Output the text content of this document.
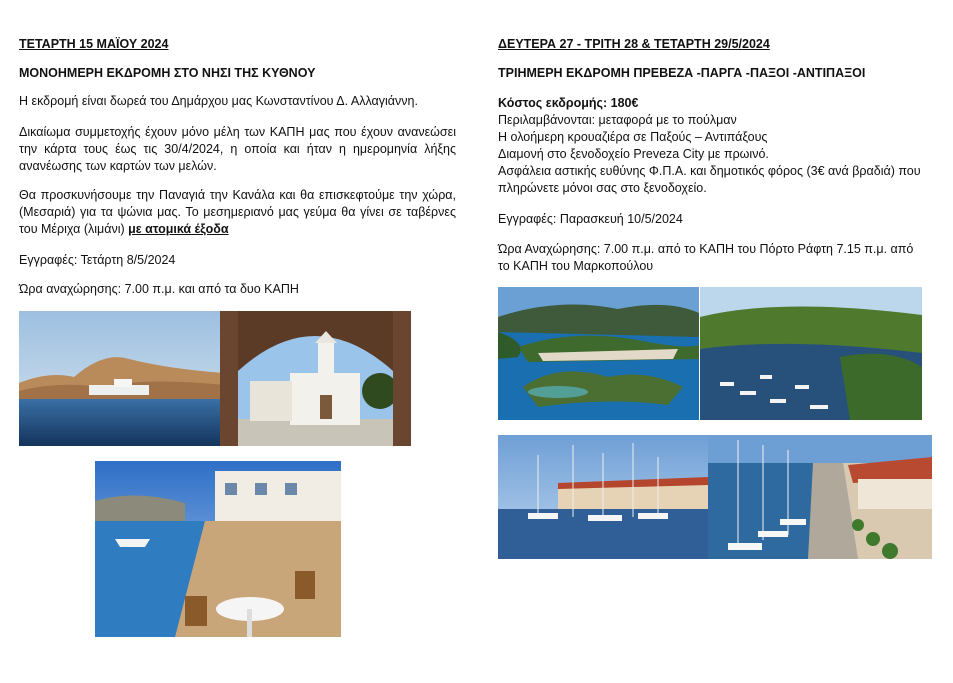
ΤΕΤΑΡΤΗ 15 ΜΑΪΟΥ 2024
ΜΟΝΟΗΜΕΡΗ ΕΚΔΡΟΜΗ ΣΤΟ ΝΗΣΙ ΤΗΣ ΚΥΘΝΟΥ
Η εκδρομή είναι δωρεά του Δημάρχου μας Κωνσταντίνου Δ. Αλλαγιάννη.
Δικαίωμα συμμετοχής έχουν μόνο μέλη των ΚΑΠΗ μας που έχουν ανανεώσει την κάρτα τους έως τις 30/4/2024, η οποία και ήταν η ημερομηνία λήξης ανανέωσης των καρτών των μελών.
Θα προσκυνήσουμε την Παναγιά την Κανάλα και θα επισκεφτούμε την χώρα, (Μεσαριά) για τα ψώνια μας. Το μεσημεριανό μας γεύμα θα γίνει σε ταβέρνες του Μέριχα (λιμάνι) με ατομικά έξοδα
Εγγραφές: Τετάρτη 8/5/2024
Ώρα αναχώρησης: 7.00 π.μ. και από τα δυο ΚΑΠΗ
ΔΕΥΤΕΡΑ 27 - ΤΡΙΤΗ 28 & ΤΕΤΑΡΤΗ 29/5/2024
ΤΡΙΗΜΕΡΗ ΕΚΔΡΟΜΗ ΠΡΕΒΕΖΑ -ΠΑΡΓΑ -ΠΑΞΟΙ -ΑΝΤΙΠΑΞΟΙ
Κόστος εκδρομής: 180€
Περιλαμβάνονται: μεταφορά με το πούλμαν
Η ολοήμερη κρουαζιέρα σε Παξούς – Αντιπάξους
Διαμονή στο ξενοδοχείο Preveza City με πρωινό.
Ασφάλεια αστικής ευθύνης Φ.Π.Α. και δημοτικός φόρος (3€ ανά βραδιά) που πληρώνετε μόνοι σας στο ξενοδοχείο.
Εγγραφές: Παρασκευή 10/5/2024
Ώρα Αναχώρησης: 7.00 π.μ. από το ΚΑΠΗ του Πόρτο Ράφτη 7.15 π.μ. από το ΚΑΠΗ του Μαρκοπούλου
